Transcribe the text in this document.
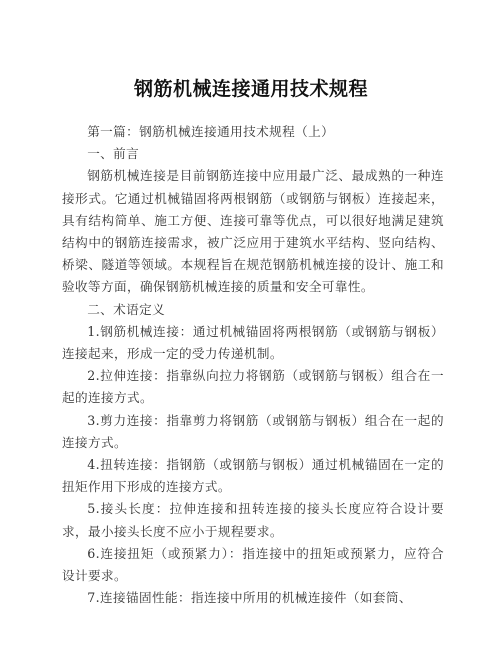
钢筋机械连接通用技术规程

第一篇：钢筋机械连接通用技术规程（上）

一、前言

钢筋机械连接是目前钢筋连接中应用最广泛、最成熟的一种连接形式。它通过机械锚固将两根钢筋（或钢筋与钢板）连接起来，具有结构简单、施工方便、连接可靠等优点，可以很好地满足建筑结构中的钢筋连接需求，被广泛应用于建筑水平结构、竖向结构、桥梁、隧道等领域。本规程旨在规范钢筋机械连接的设计、施工和验收等方面，确保钢筋机械连接的质量和安全可靠性。

二、术语定义

1.钢筋机械连接：通过机械锚固将两根钢筋（或钢筋与钢板）连接起来，形成一定的受力传递机制。

2.拉伸连接：指靠纵向拉力将钢筋（或钢筋与钢板）组合在一起的连接方式。

3.剪力连接：指靠剪力将钢筋（或钢筋与钢板）组合在一起的连接方式。

4.扭转连接：指钢筋（或钢筋与钢板）通过机械锚固在一定的扭矩作用下形成的连接方式。

5.接头长度：拉伸连接和扭转连接的接头长度应符合设计要求，最小接头长度不应小于规程要求。

6.连接扭矩（或预紧力）：指连接中的扭矩或预紧力，应符合设计要求。

7.连接锚固性能：指连接中所用的机械连接件（如套筒、
